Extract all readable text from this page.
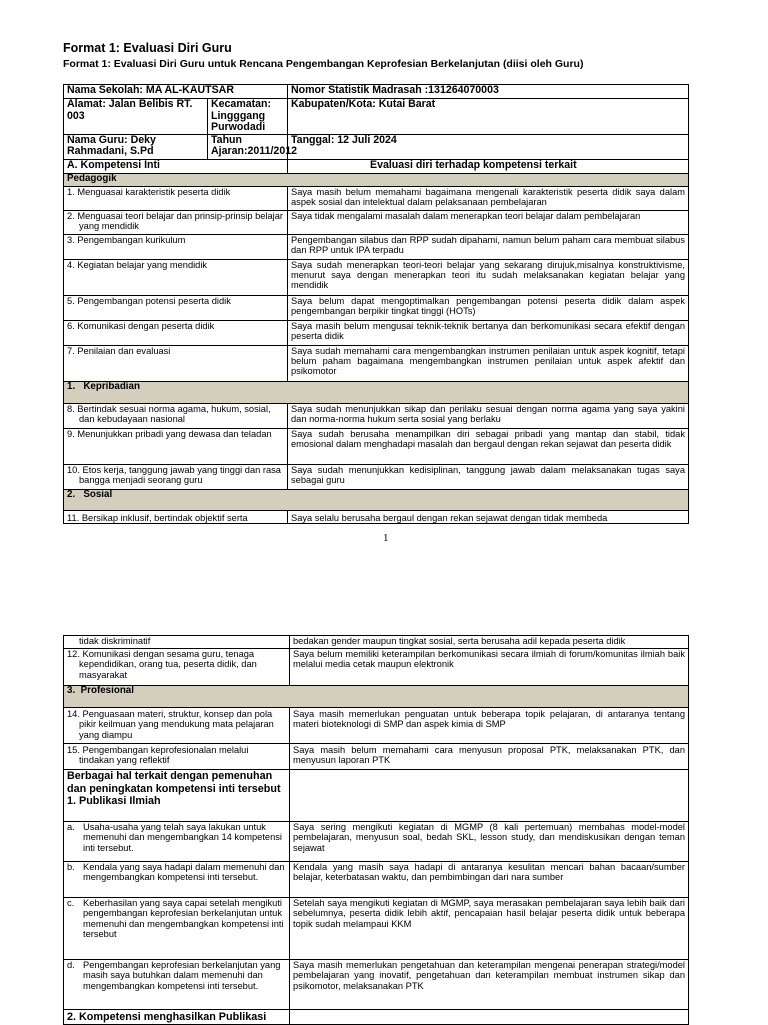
Format 1: Evaluasi Diri Guru
Format 1: Evaluasi Diri Guru untuk Rencana Pengembangan Keprofesian Berkelanjutan (diisi oleh Guru)
Nama Sekolah: MA AL-KAUTSAR		Nomor Statistik Madrasah :131264070003
Alamat: Jalan Belibis RT. 003	Kecamatan: Lingggang Purwodadi	Kabupaten/Kota: Kutai Barat
Nama Guru: Deky Rahmadani, S.Pd	Tahun Ajaran:2011/2012	Tanggal: 12 Juli 2024
A. Kompetensi Inti		Evaluasi diri terhadap kompetensi terkait
Pedagogik		
1. Menguasai karakteristik peserta didik		Saya masih belum memahami bagaimana mengenali karakteristik peserta didik saya dalam aspek sosial dan intelektual dalam pelaksanaan pembelajaran
2. Menguasai teori belajar dan prinsip-prinsip belajar yang mendidik		Saya tidak mengalami masalah dalam menerapkan teori belajar dalam pembelajaran
3. Pengembangan kurikulum		Pengembangan silabus dan RPP sudah dipahami, namun belum paham cara membuat silabus dan RPP untuk IPA terpadu
4. Kegiatan belajar yang mendidik		Saya sudah menerapkan teori-teori belajar yang sekarang dirujuk,misalnya konstruktivisme, menurut saya dengan menerapkan teori itu sudah melaksanakan kegiatan belajar yang mendidik
5. Pengembangan potensi peserta didik		Saya belum dapat mengoptimalkan pengembangan potensi peserta didik dalam aspek pengembangan berpikir tingkat tinggi (HOTs)
6. Komunikasi dengan peserta didik		Saya masih belum mengusai teknik-teknik bertanya dan berkomunikasi secara efektif dengan peserta didik
7. Penilaian dan evaluasi		Saya sudah memahami cara mengembangkan instrumen penilaian untuk aspek kognitif, tetapi belum paham bagaimana mengembangkan instrumen penilaian untuk aspek afektif dan psikomotor
1. Kepribadian		
8. Bertindak sesuai norma agama, hukum, sosial, dan kebudayaan nasional		Saya sudah menunjukkan sikap dan perilaku sesuai dengan norma agama yang saya yakini dan norma-norma hukum serta sosial yang berlaku
9. Menunjukkan pribadi yang dewasa dan teladan		Saya sudah berusaha menampilkan diri sebagai pribadi yang mantap dan stabil, tidak emosional dalam menghadapi masalah dan bergaul dengan rekan sejawat dan peserta didik
10. Etos kerja, tanggung jawab yang tinggi dan rasa bangga menjadi seorang guru		Saya sudah menunjukkan kedisiplinan, tanggung jawab dalam melaksanakan tugas saya sebagai guru
2. Sosial		
11. Bersikap inklusif, bertindak objektif serta		Saya selalu berusaha bergaul dengan rekan sejawat dengan tidak membeda
1
tidak diskriminatif	bedakan gender maupun tingkat sosial, serta berusaha adil kepada peserta didik
12. Komunikasi dengan sesama guru, tenaga kependidikan, orang tua, peserta didik, dan masyarakat	Saya belum memiliki keterampilan berkomunikasi secara ilmiah di forum/komunitas ilmiah baik melalui media cetak maupun elektronik
3. Profesional	
14. Penguasaan materi, struktur, konsep dan pola pikir keilmuan yang mendukung mata pelajaran yang diampu	Saya masih memerlukan penguatan untuk beberapa topik pelajaran, di antaranya tentang materi bioteknologi di SMP dan aspek kimia di SMP
15. Pengembangan keprofesionalan melalui tindakan yang reflektif	Saya masih belum memahami cara menyusun proposal PTK, melaksanakan PTK, dan menyusun laporan PTK

Berbagai hal terkait dengan pemenuhan dan peningkatan kompetensi inti tersebut
1. Publikasi Ilmiah	

a. Usaha-usaha yang telah saya lakukan untuk memenuhi dan mengembangkan 14 kompetensi inti tersebut.	Saya sering mengikuti kegiatan di MGMP (8 kali pertemuan) membahas model-model pembelajaran, menyusun soal, bedah SKL, lesson study, dan mendiskusikan dengan teman sejawat

b. Kendala yang saya hadapi dalam memenuhi dan mengembangkan kompetensi inti tersebut.	Kendala yang masih saya hadapi di antaranya kesulitan mencari bahan bacaan/sumber belajar, keterbatasan waktu, dan pembimbingan dari nara sumber

c. Keberhasilan yang saya capai setelah mengikuti pengembangan keprofesian berkelanjutan untuk memenuhi dan mengembangkan kompetensi inti tersebut	Setelah saya mengikuti kegiatan di MGMP, saya merasakan pembelajaran saya lebih baik dari sebelumnya, peserta didik lebih aktif, pencapaian hasil belajar peserta didik untuk beberapa topik sudah melampaui KKM

d. Pengembangan keprofesian berkelanjutan yang masih saya butuhkan dalam memenuhi dan mengembangkan kompetensi inti tersebut.	Saya masih memerlukan pengetahuan dan keterampilan mengenai penerapan strategi/model pembelajaran yang inovatif, pengetahuan dan keterampilan membuat instrumen sikap dan psikomotor, melaksanakan PTK
2. Kompetensi menghasilkan Publikasi	
